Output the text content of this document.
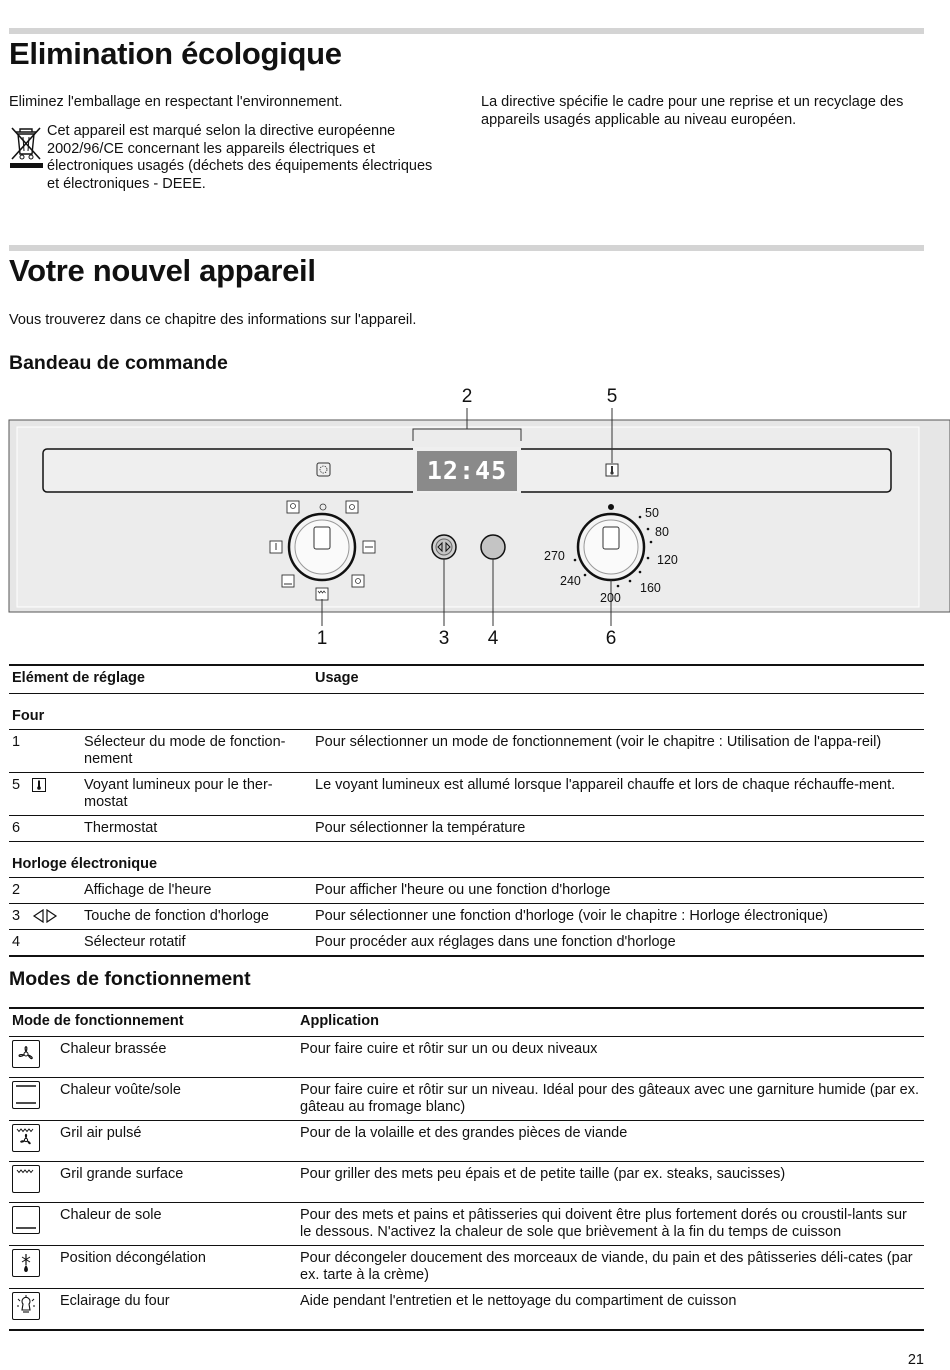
Elimination écologique
Eliminez l'emballage en respectant l'environnement.
Cet appareil est marqué selon la directive européenne 2002/96/CE concernant les appareils électriques et électroniques usagés (déchets des équipements électriques et électroniques - DEEE.
La directive spécifie le cadre pour une reprise et un recyclage des appareils usagés applicable au niveau européen.
Votre nouvel appareil
Vous trouverez dans ce chapitre des informations sur l'appareil.
Bandeau de commande
12:45
50
80
120
160
200
240
270
2	5
1	3 4	6
Elément de réglage		Usage
Four		
1	Sélecteur du mode de fonction-nement	Pour sélectionner un mode de fonctionnement (voir le chapitre : Utilisation de l'appa-reil)
5	Voyant lumineux pour le ther-mostat	Le voyant lumineux est allumé lorsque l'appareil chauffe et lors de chaque réchauffe-ment.
6	Thermostat	Pour sélectionner la température
Horloge électronique		
2	Affichage de l'heure	Pour afficher l'heure ou une fonction d'horloge
3	Touche de fonction d'horloge	Pour sélectionner une fonction d'horloge (voir le chapitre : Horloge électronique)
4	Sélecteur rotatif	Pour procéder aux réglages dans une fonction d'horloge
Modes de fonctionnement
Mode de fonctionnement		Application

	Chaleur brassée	Pour faire cuire et rôtir sur un ou deux niveaux

	Chaleur voûte/sole	Pour faire cuire et rôtir sur un niveau. Idéal pour des gâteaux avec une garniture humide (par ex. gâteau au fromage blanc)

	Gril air pulsé	Pour de la volaille et des grandes pièces de viande

	Gril grande surface	Pour griller des mets peu épais et de petite taille (par ex. steaks, saucisses)

	Chaleur de sole	Pour des mets et pains et pâtisseries qui doivent être plus fortement dorés ou croustil-lants sur le dessous. N'activez la chaleur de sole que brièvement à la fin du temps de cuisson

	Position décongélation	Pour décongeler doucement des morceaux de viande, du pain et des pâtisseries déli-cates (par ex. tarte à la crème)

	Eclairage du four	Aide pendant l'entretien et le nettoyage du compartiment de cuisson
21
